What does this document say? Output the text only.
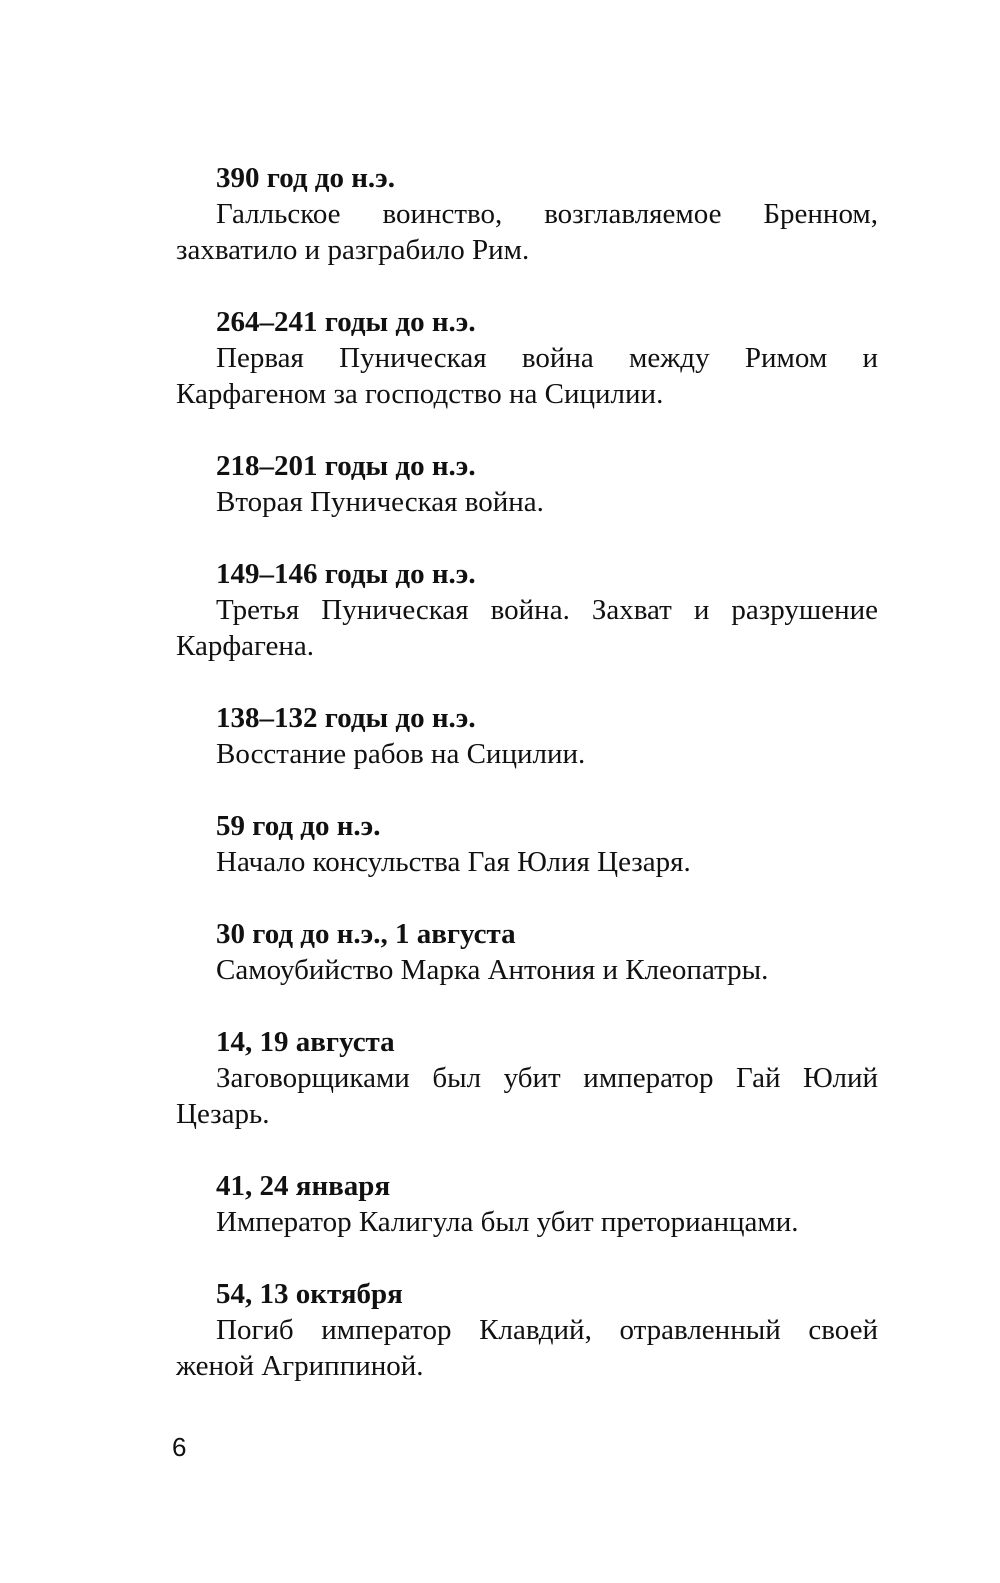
390 год до н.э.

Галльское воинство, возглавляемое Бренном, захватило и разграбило Рим.

264–241 годы до н.э.

Первая Пуническая война между Римом и Карфагеном за господство на Сицилии.

218–201 годы до н.э.

Вторая Пуническая война.

149–146 годы до н.э.

Третья Пуническая война. Захват и разрушение Карфагена.

138–132 годы до н.э.

Восстание рабов на Сицилии.

59 год до н.э.

Начало консульства Гая Юлия Цезаря.

30 год до н.э., 1 августа

Самоубийство Марка Антония и Клеопатры.

14, 19 августа

Заговорщиками был убит император Гай Юлий Цезарь.

41, 24 января

Император Калигула был убит преторианцами.

54, 13 октября

Погиб император Клавдий, отравленный своей женой Агриппиной.

6
